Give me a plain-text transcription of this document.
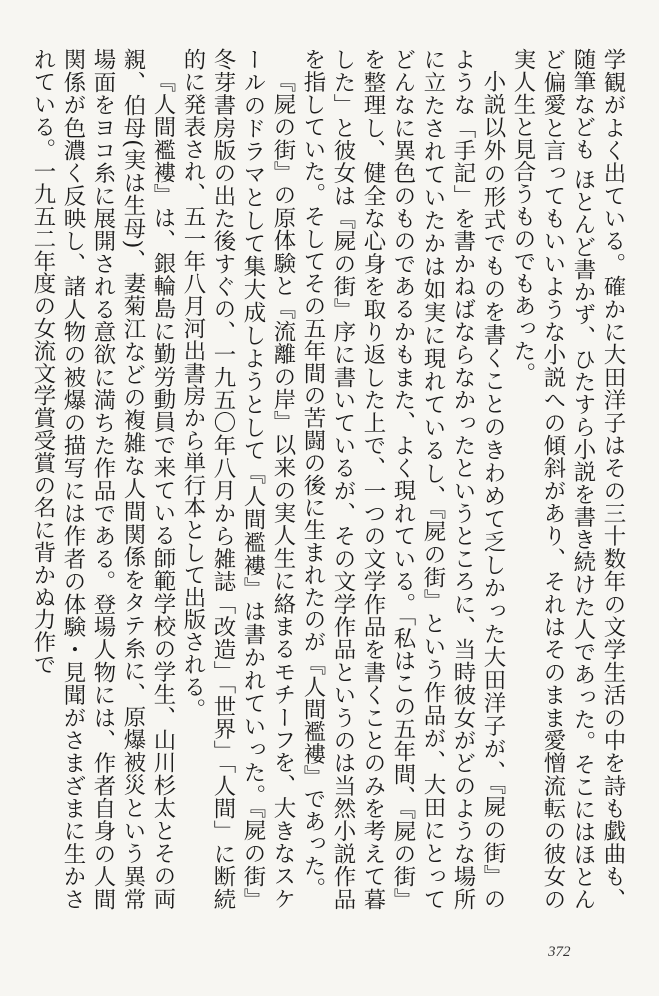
学観がよく出ている。確かに大田洋子はその三十数年の文学生活の中を詩も戯曲も、随筆なども ほとんど書かず、ひたすら小説を書き続けた人であった。そこにはほとんど偏愛と言ってもいいような小説への傾斜があり、それはそのまま愛憎流転の彼女の実人生と見合うものでもあった。

小説以外の形式でものを書くことのきわめて乏しかった大田洋子が、『屍の街』のような「手記」を書かねばならなかったというところに、当時彼女がどのような場所に立たされていたかは如実に現れているし、『屍の街』という作品が、大田にとってどんなに異色のものであるかもまた、よく現れている。「私はこの五年間、『屍の街』を整理し、健全な心身を取り返した上で、一つの文学作品を書くことのみを考えて暮した」と彼女は『屍の街』序に書いているが、その文学作品というのは当然小説作品を指していた。そしてその五年間の苦闘の後に生まれたのが『人間襤褸』であった。

『屍の街』の原体験と『流離の岸』以来の実人生に絡まるモチーフを、大きなスケールのドラマとして集大成しようとして『人間襤褸』は書かれていった。『屍の街』冬芽書房版の出た後すぐの、一九五〇年八月から雑誌「改造」「世界」「人間」に断続的に発表され、五一年八月河出書房から単行本として出版される。

『人間襤褸』は、銀輪島に勤労動員で来ている師範学校の学生、山川杉太とその両親、伯母(実は生母)、妻菊江などの複雑な人間関係をタテ糸に、原爆被災という異常場面をヨコ糸に展開される意欲に満ちた作品である。登場人物には、作者自身の人間関係が色濃く反映し、諸人物の被爆の描写には作者の体験・見聞がさまざまに生かされている。一九五二年度の女流文学賞受賞の名に背かぬ力作で

372
